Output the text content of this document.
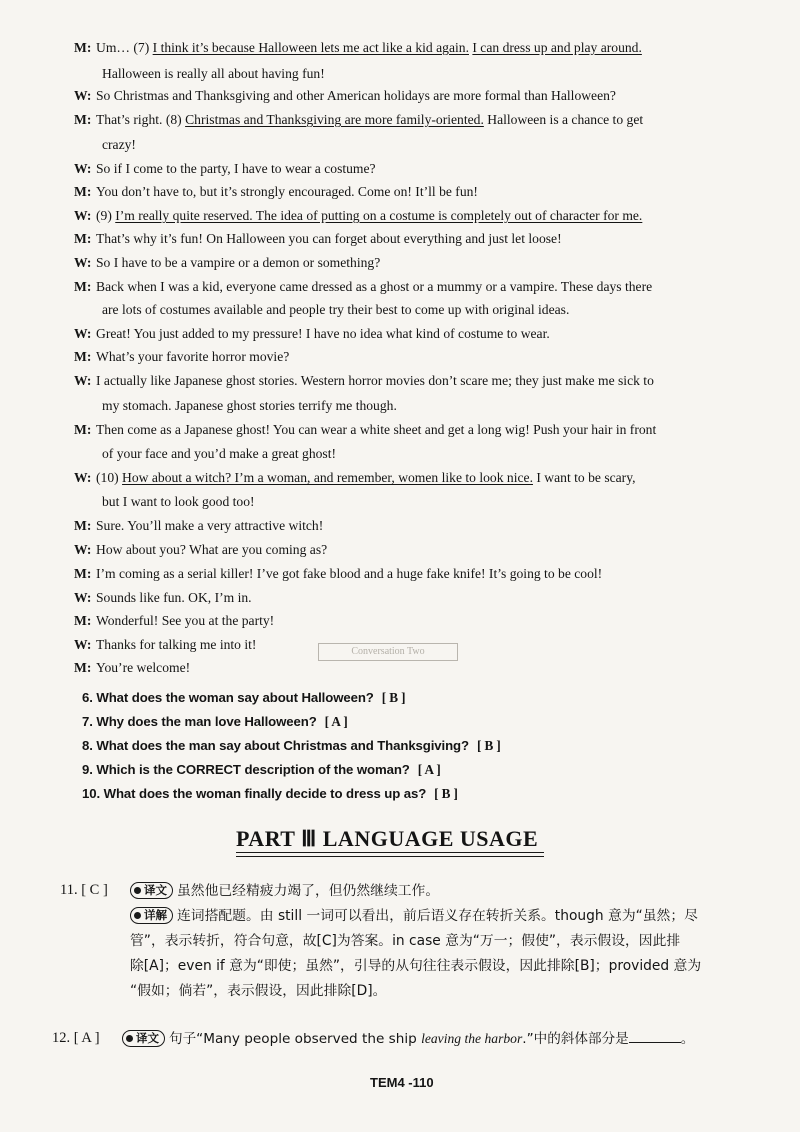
M: Um… (7) I think it’s because Halloween lets me act like a kid again. I can dress up and play around.
Halloween is really all about having fun!
W: So Christmas and Thanksgiving and other American holidays are more formal than Halloween?
M: That’s right. (8) Christmas and Thanksgiving are more family-oriented. Halloween is a chance to get
crazy!
W: So if I come to the party, I have to wear a costume?
M: You don’t have to, but it’s strongly encouraged. Come on! It’ll be fun!
W: (9) I’m really quite reserved. The idea of putting on a costume is completely out of character for me.
M: That’s why it’s fun! On Halloween you can forget about everything and just let loose!
W: So I have to be a vampire or a demon or something?
M: Back when I was a kid, everyone came dressed as a ghost or a mummy or a vampire. These days there
are lots of costumes available and people try their best to come up with original ideas.
W: Great! You just added to my pressure! I have no idea what kind of costume to wear.
M: What’s your favorite horror movie?
W: I actually like Japanese ghost stories. Western horror movies don’t scare me; they just make me sick to
my stomach. Japanese ghost stories terrify me though.
M: Then come as a Japanese ghost! You can wear a white sheet and get a long wig! Push your hair in front
of your face and you’d make a great ghost!
W: (10) How about a witch? I’m a woman, and remember, women like to look nice. I want to be scary,
but I want to look good too!
M: Sure. You’ll make a very attractive witch!
W: How about you? What are you coming as?
M: I’m coming as a serial killer! I’ve got fake blood and a huge fake knife! It’s going to be cool!
W: Sounds like fun. OK, I’m in.
M: Wonderful! See you at the party!
W: Thanks for talking me into it!
M: You’re welcome!
Conversation Two
6. What does the woman say about Halloween? [ B ]
7. Why does the man love Halloween? [ A ]
8. What does the man say about Christmas and Thanksgiving? [ B ]
9. Which is the CORRECT description of the woman? [ A ]
10. What does the woman finally decide to dress up as? [ B ]
PART Ⅲ LANGUAGE USAGE
11. [ C ]	译文 虽然他已经精疲力竭了，但仍然继续工作。
详解 连词搭配题。由 still 一词可以看出，前后语义存在转折关系。though 意为“虽然；尽
管”，表示转折，符合句意，故[C]为答案。in case 意为“万一；假使”，表示假设，因此排
除[A]；even if 意为“即使；虽然”，引导的从句往往表示假设，因此排除[B]；provided 意为
“假如；倘若”，表示假设，因此排除[D]。
12. [ A ]	译文 句子“Many people observed the ship leaving the harbor.”中的斜体部分是	。
TEM4 -110
